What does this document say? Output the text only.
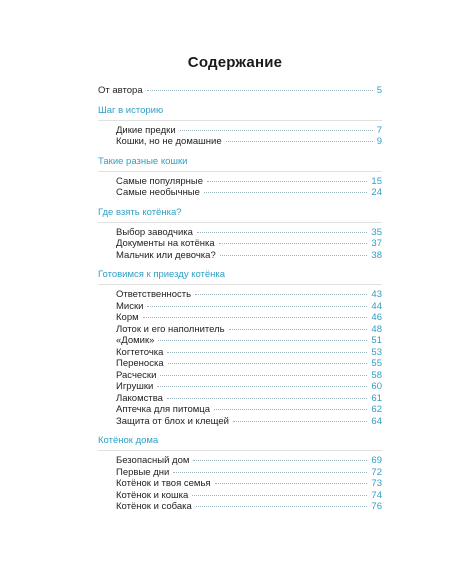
Содержание
От автора	5
Шаг в историю
Дикие предки	7
Кошки, но не домашние	9
Такие разные кошки
Самые популярные	15
Самые необычные	24
Где взять котёнка?
Выбор заводчика	35
Документы на котёнка	37
Мальчик или девочка?	38
Готовимся к приезду котёнка
Ответственность	43
Миски	44
Корм	46
Лоток и его наполнитель	48
«Домик»	51
Когтеточка	53
Переноска	55
Расчески	58
Игрушки	60
Лакомства	61
Аптечка для питомца	62
Защита от блох и клещей	64
Котёнок дома
Безопасный дом	69
Первые дни	72
Котёнок и твоя семья	73
Котёнок и кошка	74
Котёнок и собака	76
